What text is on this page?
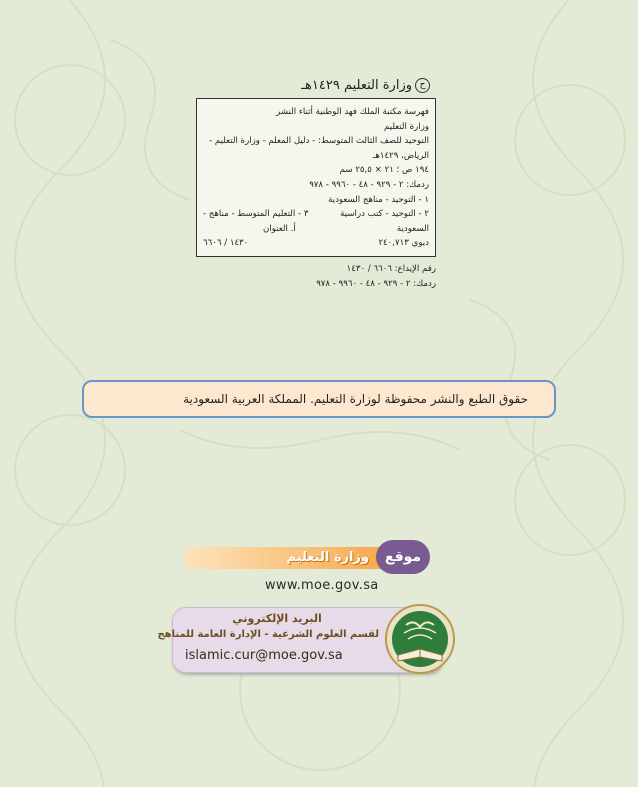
حوزارة التعليم ١٤٢٩هـ
فهرسة مكتبة الملك فهد الوطنية أثناء النشر
وزارة التعليم
التوحيد للصف الثالث المتوسط: - دليل المعلم - وزارة التعليم -
الرياض، ١٤٢٩هـ
١٩٤ ص ؛ ٢١ × ٢٥,٥ سم
ردمك: ٢ - ٩٢٩ - ٤٨ - ٩٩٦٠ - ٩٧٨
١ - التوحيد - مناهج السعودية
٢ - التوحيد - كتب دراسية
٣ - التعليم المتوسط - مناهج -
السعودية
أ. العنوان
ديوي ٢٤٠,٧١٣
١٤٣٠ / ٦٦٠٦
رقم الإيداع: ٦٦٠٦ / ١٤٣٠
ردمك: ٢ - ٩٢٩ - ٤٨ - ٩٩٦٠ - ٩٧٨
حقوق الطبع والنشر محفوظة لوزارة التعليم. المملكة العربية السعودية
وزارة التعليم	موقع
www.moe.gov.sa
البريد الإلكتروني
لقسم العلوم الشرعية - الإدارة العامة للمناهج
islamic.cur@moe.gov.sa
